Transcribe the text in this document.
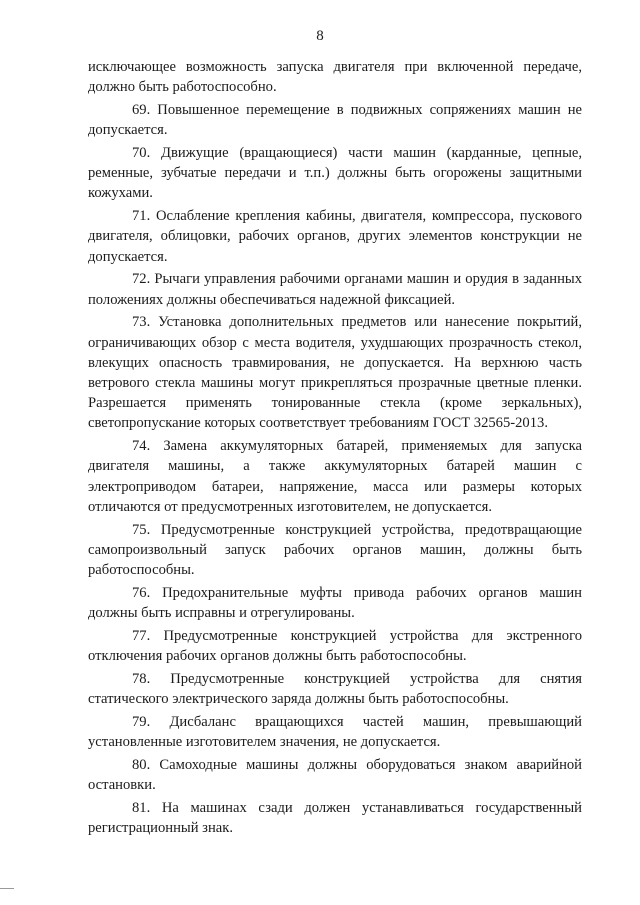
8

исключающее возможность запуска двигателя при включенной передаче, должно быть работоспособно.

69. Повышенное перемещение в подвижных сопряжениях машин не допускается.

70. Движущие (вращающиеся) части машин (карданные, цепные, ременные, зубчатые передачи и т.п.) должны быть огорожены защитными кожухами.

71. Ослабление крепления кабины, двигателя, компрессора, пускового двигателя, облицовки, рабочих органов, других элементов конструкции не допускается.

72. Рычаги управления рабочими органами машин и орудия в заданных положениях должны обеспечиваться надежной фиксацией.

73. Установка дополнительных предметов или нанесение покрытий, ограничивающих обзор с места водителя, ухудшающих прозрачность стекол, влекущих опасность травмирования, не допускается. На верхнюю часть ветрового стекла машины могут прикрепляться прозрачные цветные пленки. Разрешается применять тонированные стекла (кроме зеркальных), светопропускание которых соответствует требованиям ГОСТ 32565-2013.

74. Замена аккумуляторных батарей, применяемых для запуска двигателя машины, а также аккумуляторных батарей машин с электроприводом батареи, напряжение, масса или размеры которых отличаются от предусмотренных изготовителем, не допускается.

75. Предусмотренные конструкцией устройства, предотвращающие самопроизвольный запуск рабочих органов машин, должны быть работоспособны.

76. Предохранительные муфты привода рабочих органов машин должны быть исправны и отрегулированы.

77. Предусмотренные конструкцией устройства для экстренного отключения рабочих органов должны быть работоспособны.

78. Предусмотренные конструкцией устройства для снятия статического электрического заряда должны быть работоспособны.

79. Дисбаланс вращающихся частей машин, превышающий установленные изготовителем значения, не допускается.

80. Самоходные машины должны оборудоваться знаком аварийной остановки.

81. На машинах сзади должен устанавливаться государственный регистрационный знак.
